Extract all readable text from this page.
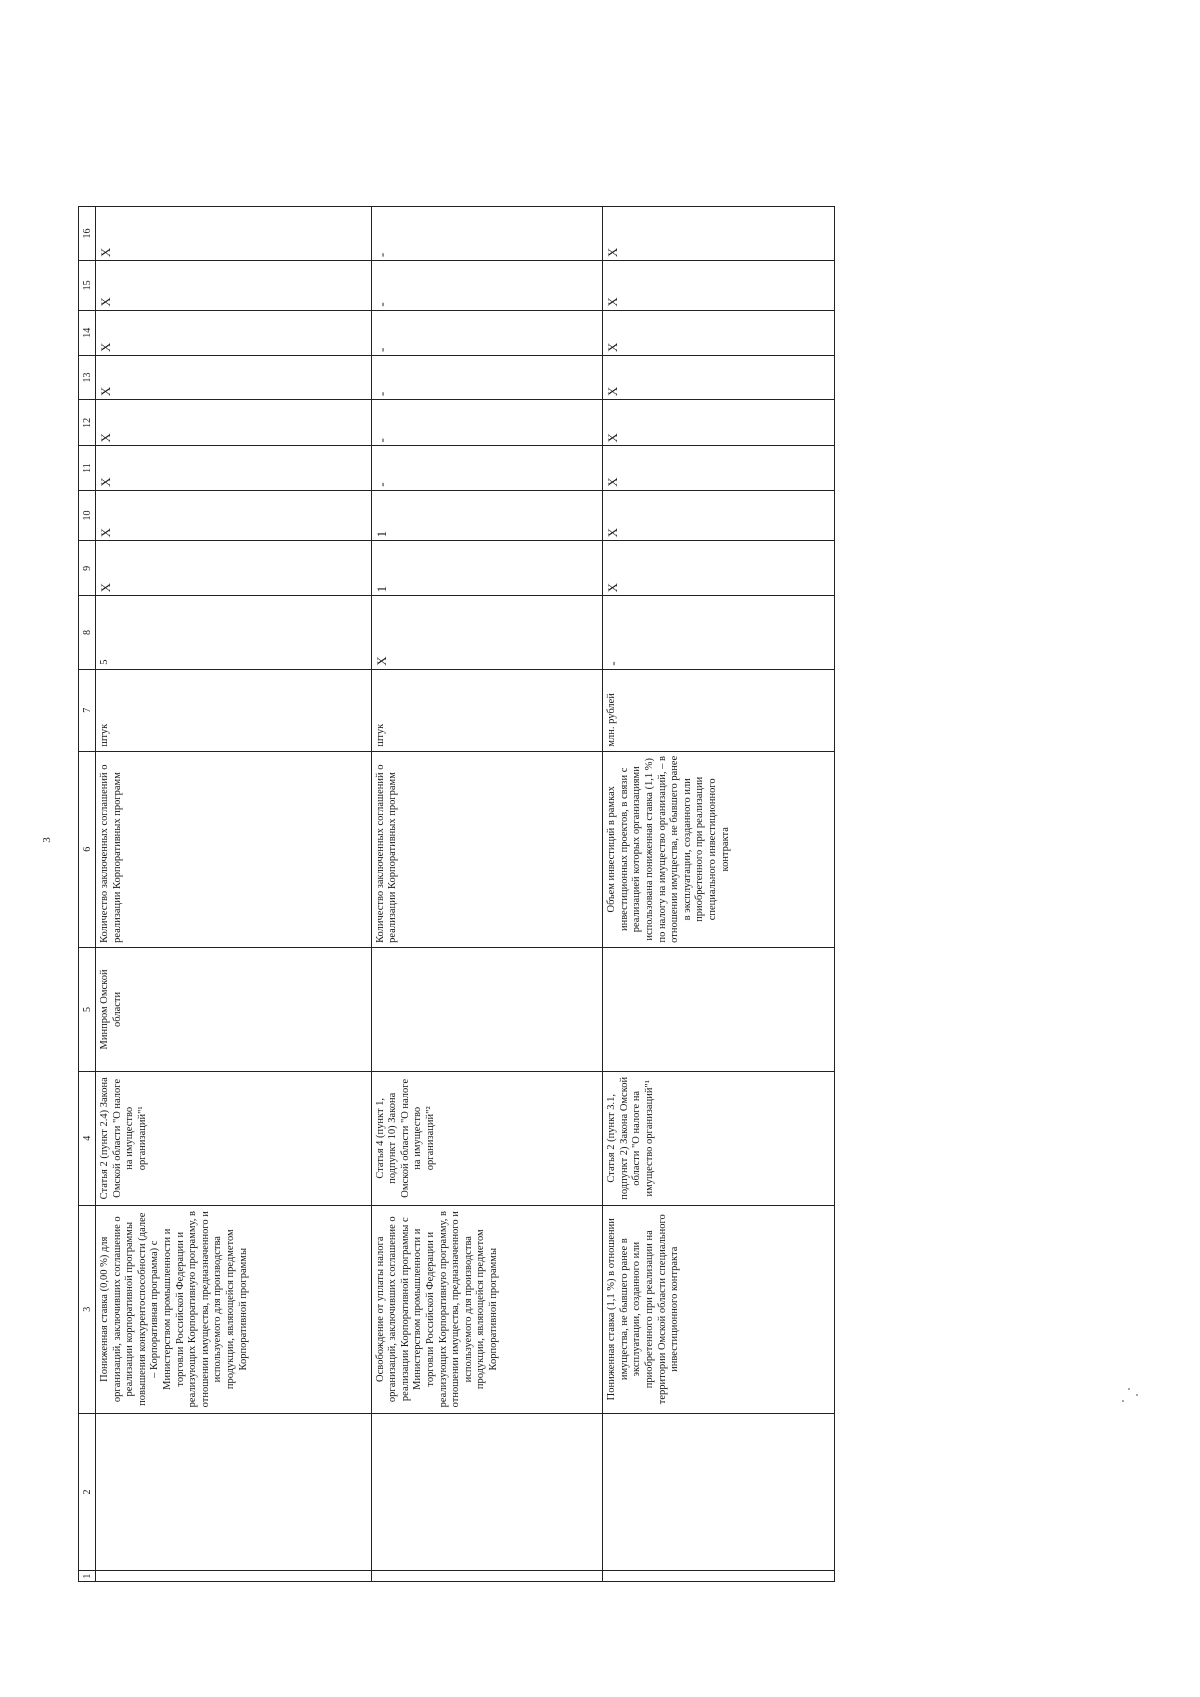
3
1	2	3	4	5	6	7	8	9	10	11	12	13	14	15	16
		Пониженная ставка (0,00 %) для организаций, заключивших соглашение о реализации корпоративной программы повышения конкурентоспособности (далее – Корпоративная программа) с Министерством промышленности и торговли Российской Федерации и реализующих Корпоративную программу, в отношении имущества, предназначенного и используемого для производства продукции, являющейся предметом Корпоративной программы	Статья 2 (пункт 2.4) Закона Омской области "О налоге на имущество организаций"¹	Минпром Омской области	Количество заключенных соглашений о реализации Корпоративных программ	штук	5	X	X	X	X	X	X	X	X
		Освобождение от уплаты налога организаций, заключивших соглашение о реализации Корпоративной программы с Министерством промышленности и торговли Российской Федерации и реализующих Корпоративную программу, в отношении имущества, предназначенного и используемого для производства продукции, являющейся предметом Корпоративной программы	Статья 4 (пункт 1, подпункт 10) Закона Омской области "О налоге на имущество организаций"²		Количество заключенных соглашений о реализации Корпоративных программ	штук	X	1	1	-	-	-	-	-	-
		Пониженная ставка (1,1 %) в отношении имущества, не бывшего ранее в эксплуатации, созданного или приобретенного при реализации на территории Омской области специального инвестиционного контракта	Статья 2 (пункт 3.1, подпункт 2) Закона Омской области "О налоге на имущество организаций"¹		Объем инвестиций в рамках инвестиционных проектов, в связи с реализацией которых организациями использована пониженная ставка (1,1 %) по налогу на имущество организаций, – в отношении имущества, не бывшего ранее в эксплуатации, созданного или приобретенного при реализации специального инвестиционного контракта	млн. рублей	-	X	X	X	X	X	X	X	X
